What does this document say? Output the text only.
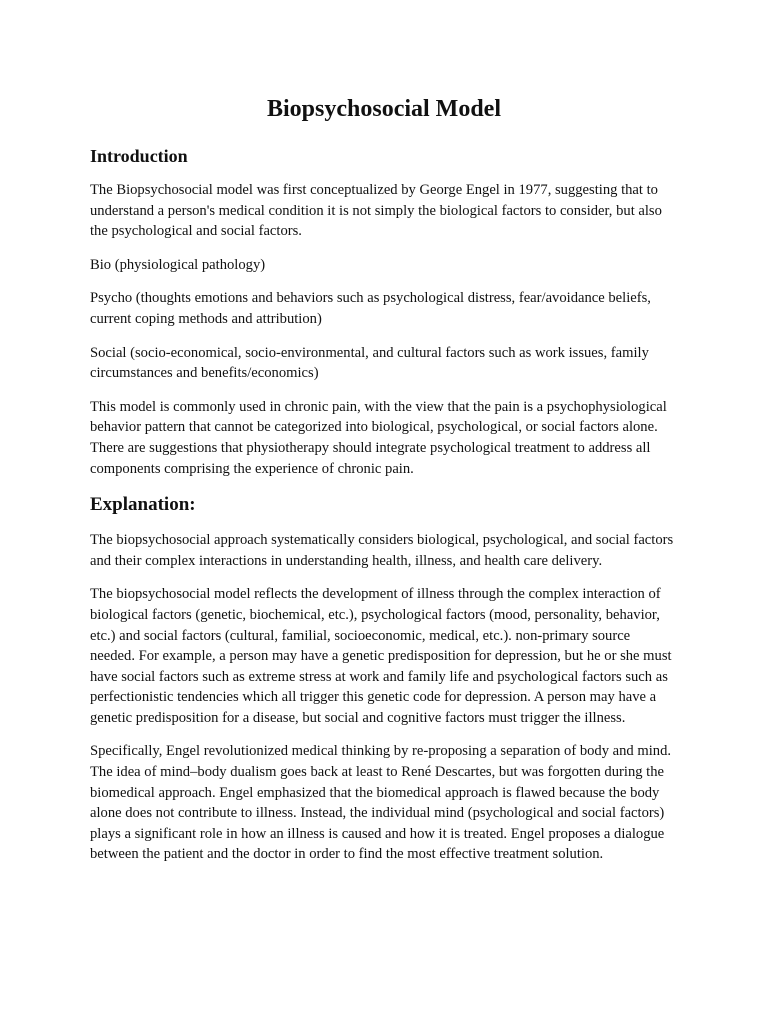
Biopsychosocial Model
Introduction

The Biopsychosocial model was first conceptualized by George Engel in 1977, suggesting that to understand a person's medical condition it is not simply the biological factors to consider, but also the psychological and social factors.

Bio (physiological pathology)

Psycho (thoughts emotions and behaviors such as psychological distress, fear/avoidance beliefs, current coping methods and attribution)

Social (socio-economical, socio-environmental, and cultural factors such as work issues, family circumstances and benefits/economics)

This model is commonly used in chronic pain, with the view that the pain is a psychophysiological behavior pattern that cannot be categorized into biological, psychological, or social factors alone. There are suggestions that physiotherapy should integrate psychological treatment to address all components comprising the experience of chronic pain.

Explanation:

The biopsychosocial approach systematically considers biological, psychological, and social factors and their complex interactions in understanding health, illness, and health care delivery.

The biopsychosocial model reflects the development of illness through the complex interaction of biological factors (genetic, biochemical, etc.), psychological factors (mood, personality, behavior, etc.) and social factors (cultural, familial, socioeconomic, medical, etc.). non-primary source needed. For example, a person may have a genetic predisposition for depression, but he or she must have social factors such as extreme stress at work and family life and psychological factors such as perfectionistic tendencies which all trigger this genetic code for depression. A person may have a genetic predisposition for a disease, but social and cognitive factors must trigger the illness.

Specifically, Engel revolutionized medical thinking by re-proposing a separation of body and mind. The idea of mind–body dualism goes back at least to René Descartes, but was forgotten during the biomedical approach. Engel emphasized that the biomedical approach is flawed because the body alone does not contribute to illness. Instead, the individual mind (psychological and social factors) plays a significant role in how an illness is caused and how it is treated. Engel proposes a dialogue between the patient and the doctor in order to find the most effective treatment solution.
